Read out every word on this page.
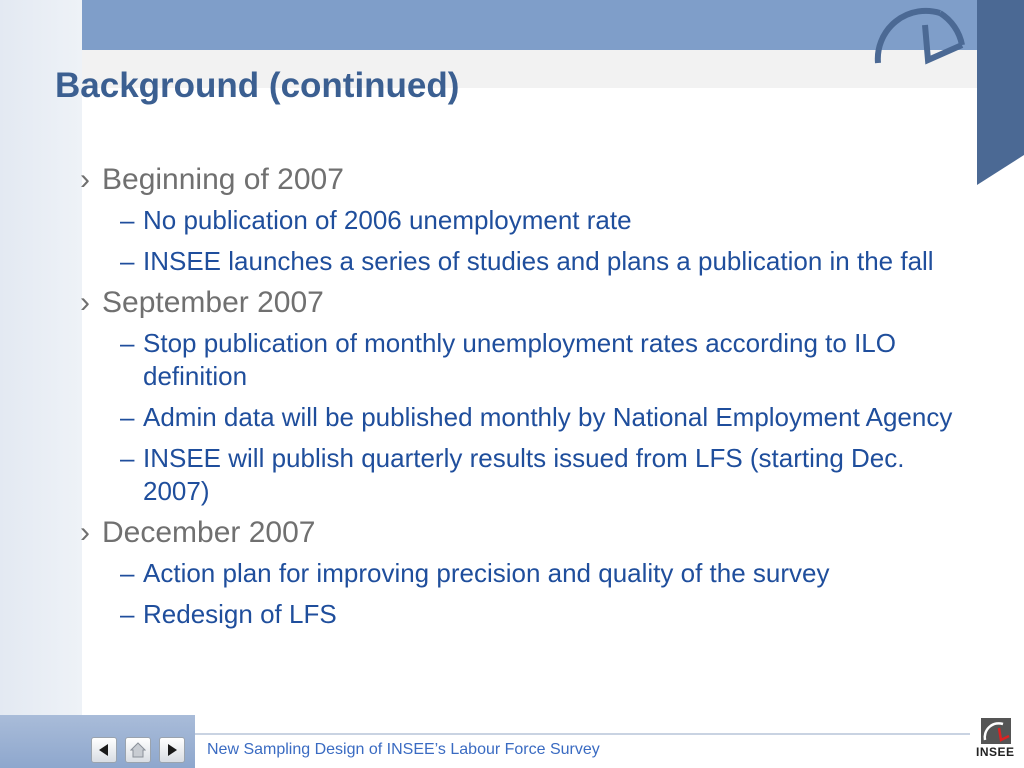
Background (continued)
› Beginning of 2007
– No publication of 2006 unemployment rate
– INSEE launches a series of studies and plans a publication in the fall
› September 2007
– Stop publication of monthly unemployment rates according to ILO definition
– Admin data will be published monthly by National Employment Agency
– INSEE will publish quarterly results issued from LFS (starting Dec. 2007)
› December 2007
– Action plan for improving precision and quality of the survey
– Redesign of LFS
New Sampling Design of INSEE’s Labour Force Survey	INSEE
